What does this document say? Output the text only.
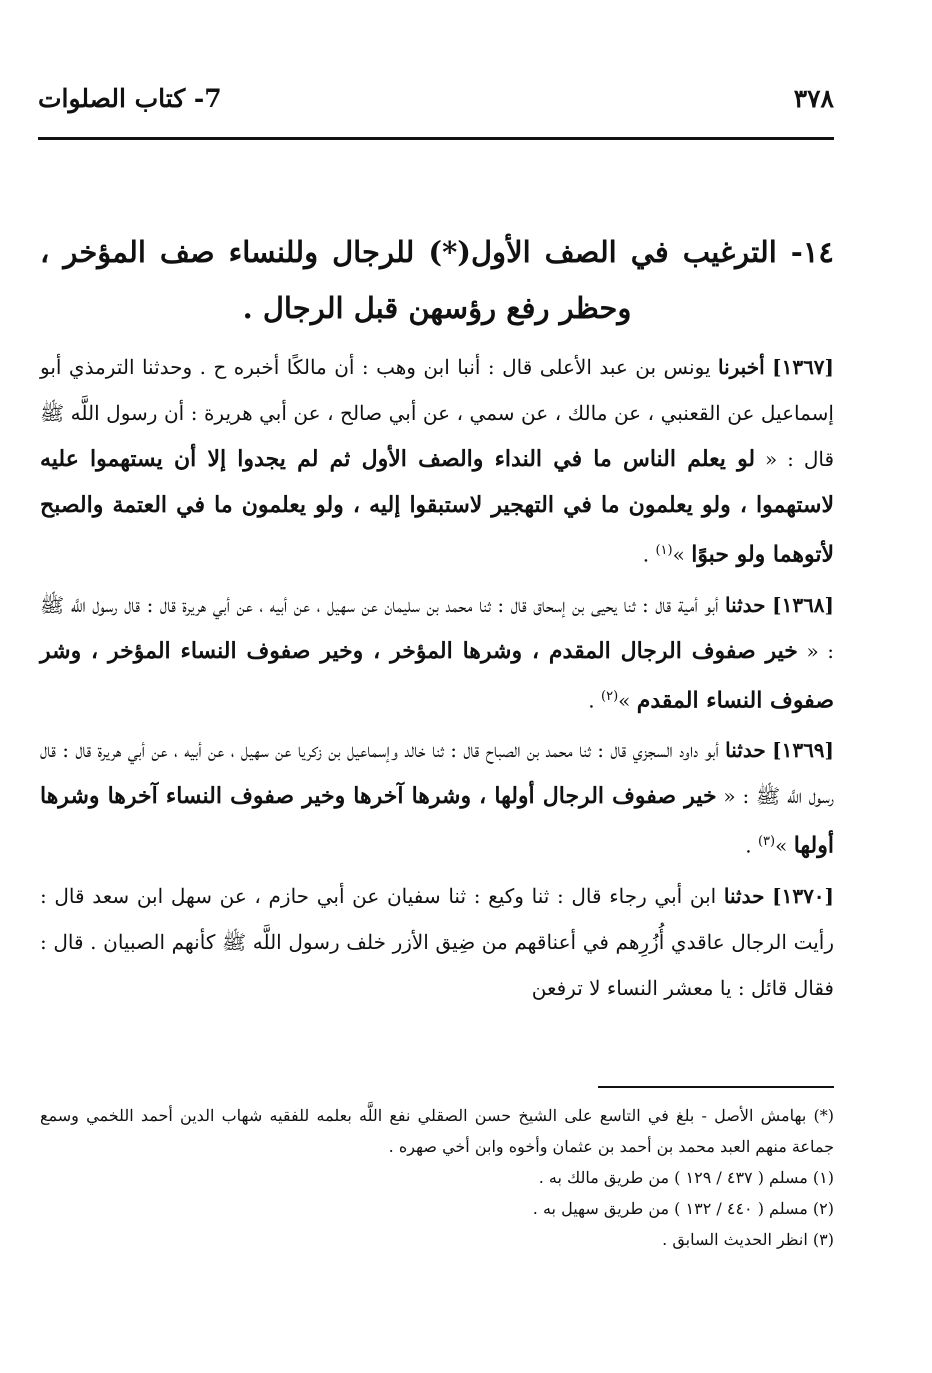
٣٧٨
7- كتاب الصلوات
١٤- الترغيب في الصف الأول(*) للرجال وللنساء صف المؤخر ، وحظر رفع رؤسهن قبل الرجال .

[١٣٦٧] أخبرنا يونس بن عبد الأعلى قال : أنبا ابن وهب : أن مالكًا أخبره ح . وحدثنا الترمذي أبو إسماعيل عن القعنبي ، عن مالك ، عن سمي ، عن أبي صالح ، عن أبي هريرة : أن رسول اللَّه ﷺ قال : « لو يعلم الناس ما في النداء والصف الأول ثم لم يجدوا إلا أن يستهموا عليه لاستهموا ، ولو يعلمون ما في التهجير لاستبقوا إليه ، ولو يعلمون ما في العتمة والصبح لأتوهما ولو حبوًا »$^{(١)}$ .

[١٣٦٨] حدثنا أبو أمية قال : ثنا يحيى بن إسحاق قال : ثنا محمد بن سليمان عن سهيل ، عن أبيه ، عن أبي هريرة قال : قال رسول اللَّه ﷺ : « خير صفوف الرجال المقدم ، وشرها المؤخر ، وخير صفوف النساء المؤخر ، وشر صفوف النساء المقدم »$^{(٢)}$ .

[١٣٦٩] حدثنا أبو داود السجزي قال : ثنا محمد بن الصباح قال : ثنا خالد وإسماعيل بن زكريا عن سهيل ، عن أبيه ، عن أبي هريرة قال : قال رسول اللَّه ﷺ : « خير صفوف الرجال أولها ، وشرها آخرها وخير صفوف النساء آخرها وشرها أولها »$^{(٣)}$ .

[١٣٧٠] حدثنا ابن أبي رجاء قال : ثنا وكيع : ثنا سفيان عن أبي حازم ، عن سهل ابن سعد قال : رأيت الرجال عاقدي أُزُرِهم في أعناقهم من ضِيق الأزر خلف رسول اللَّه ﷺ كأنهم الصبيان . قال : فقال قائل : يا معشر النساء لا ترفعن

(*) بهامش الأصل - بلغ في التاسع على الشيخ حسن الصقلي نفع اللَّه بعلمه للفقيه شهاب الدين أحمد اللخمي وسمع جماعة منهم العبد محمد بن أحمد بن عثمان وأخوه وابن أخي صهره .

(١) مسلم ( ٤٣٧ / ١٢٩ ) من طريق مالك به .

(٢) مسلم ( ٤٤٠ / ١٣٢ ) من طريق سهيل به .

(٣) انظر الحديث السابق .
